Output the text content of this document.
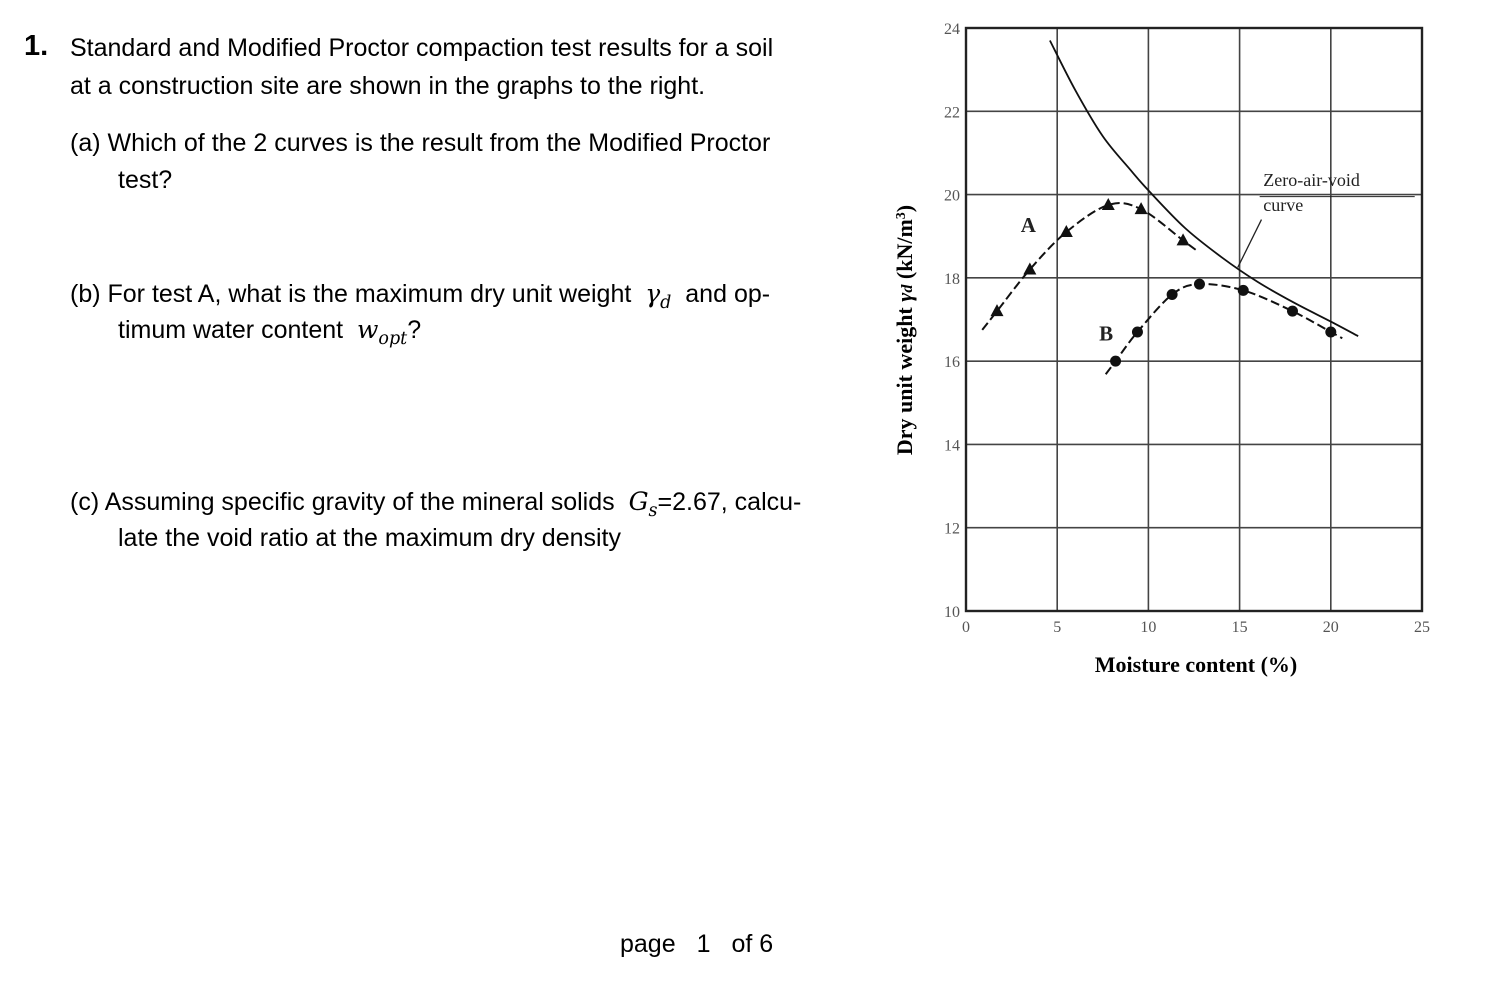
1. Standard and Modified Proctor compaction test results for a soil
at a construction site are shown in the graphs to the right.
(a) Which of the 2 curves is the result from the Modified Proctor
test?
(b) For test A, what is the maximum dry unit weight $\gamma_d$ and op-
timum water content $w_{opt}$?
(c) Assuming specific gravity of the mineral solids $G_s=2.67$, calcu-
late the void ratio at the maximum dry density
10
12
14
16
18
20
22
24
0	5	10	15	20	25
A
B
Zero-air-void
curve
Moisture content (%)
Dry unit weight γd $(kN/m^3)$
page 1 of 6
